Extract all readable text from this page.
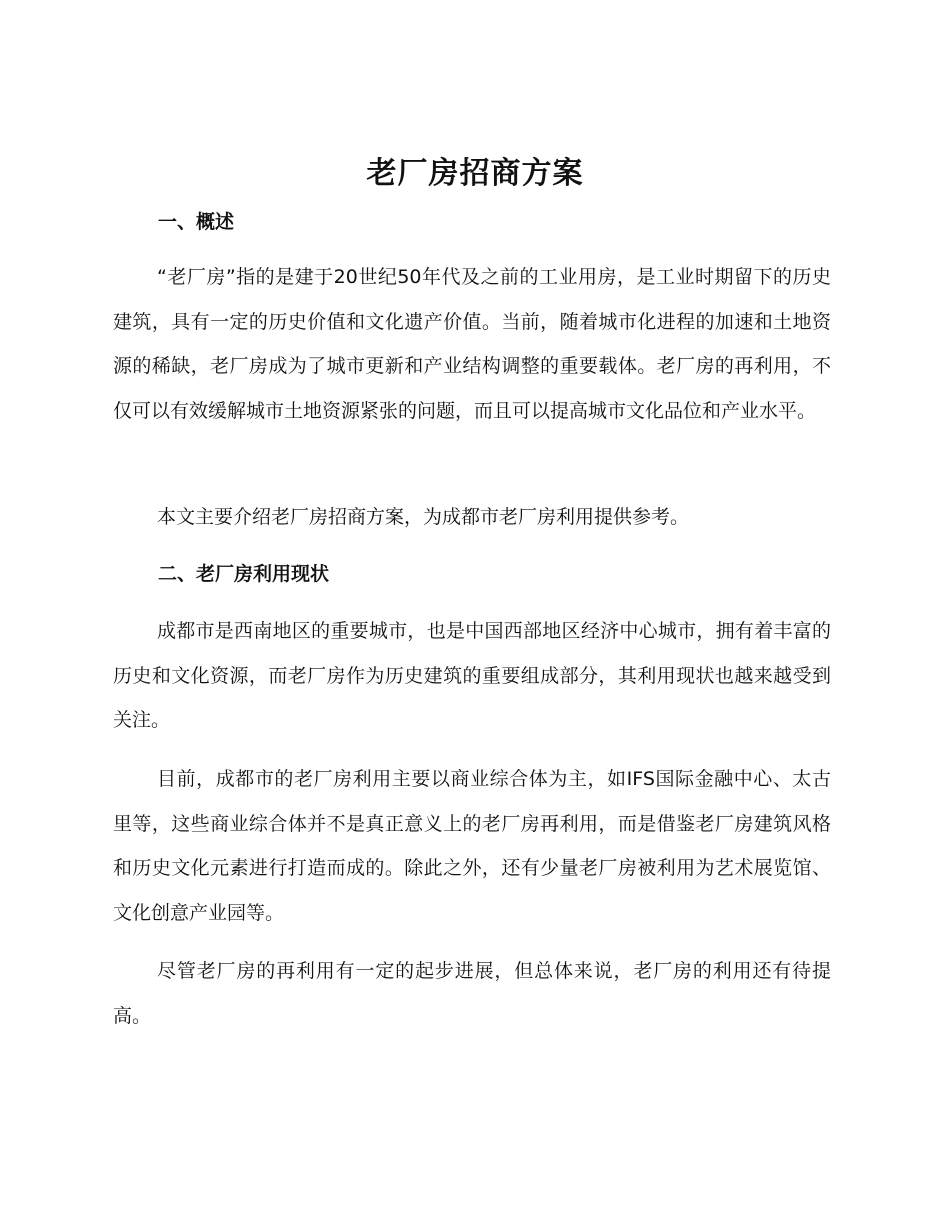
老厂房招商方案
一、概述

“老厂房”指的是建于20世纪50年代及之前的工业用房，是工业时期留下的历史建筑，具有一定的历史价值和文化遗产价值。当前，随着城市化进程的加速和土地资源的稀缺，老厂房成为了城市更新和产业结构调整的重要载体。老厂房的再利用，不仅可以有效缓解城市土地资源紧张的问题，而且可以提高城市文化品位和产业水平。

本文主要介绍老厂房招商方案，为成都市老厂房利用提供参考。

二、老厂房利用现状

成都市是西南地区的重要城市，也是中国西部地区经济中心城市，拥有着丰富的历史和文化资源，而老厂房作为历史建筑的重要组成部分，其利用现状也越来越受到关注。

目前，成都市的老厂房利用主要以商业综合体为主，如IFS国际金融中心、太古里等，这些商业综合体并不是真正意义上的老厂房再利用，而是借鉴老厂房建筑风格和历史文化元素进行打造而成的。除此之外，还有少量老厂房被利用为艺术展览馆、文化创意产业园等。

尽管老厂房的再利用有一定的起步进展，但总体来说，老厂房的利用还有待提高。
